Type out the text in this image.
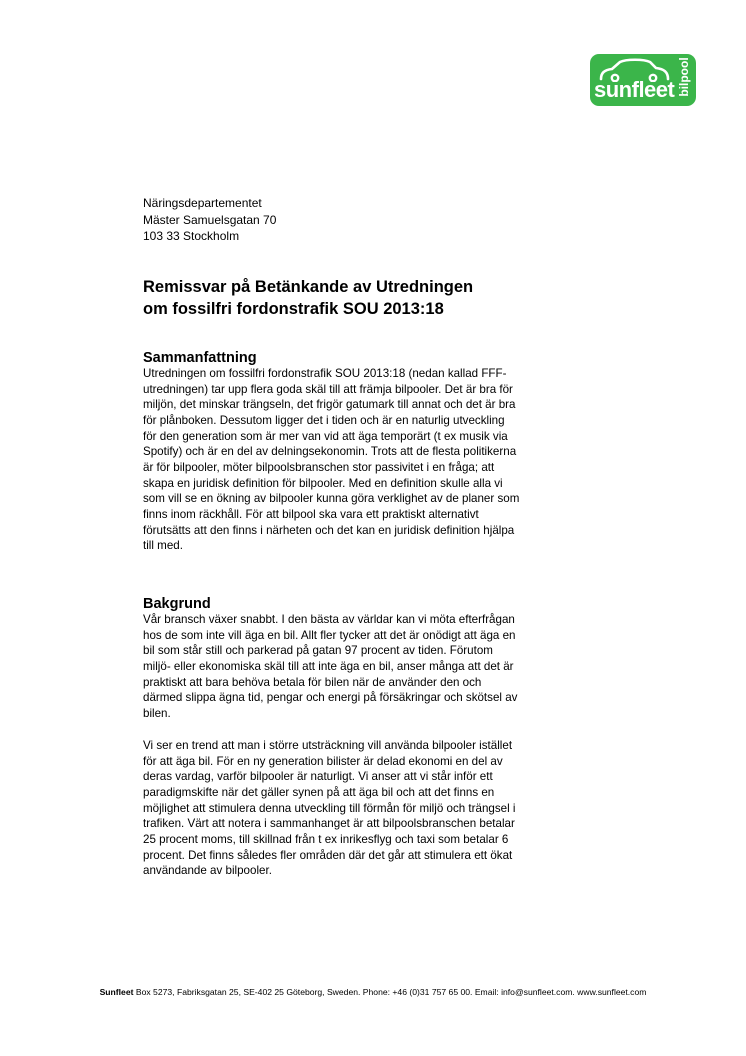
sunfleet bilpool
Näringsdepartementet
Mäster Samuelsgatan 70
103 33 Stockholm
Remissvar på Betänkande av Utredningen
om fossilfri fordonstrafik SOU 2013:18
Sammanfattning
Utredningen om fossilfri fordonstrafik SOU 2013:18 (nedan kallad FFF-
utredningen) tar upp flera goda skäl till att främja bilpooler. Det är bra för
miljön, det minskar trängseln, det frigör gatumark till annat och det är bra
för plånboken. Dessutom ligger det i tiden och är en naturlig utveckling
för den generation som är mer van vid att äga temporärt (t ex musik via
Spotify) och är en del av delningsekonomin. Trots att de flesta politikerna
är för bilpooler, möter bilpoolsbranschen stor passivitet i en fråga; att
skapa en juridisk definition för bilpooler. Med en definition skulle alla vi
som vill se en ökning av bilpooler kunna göra verklighet av de planer som
finns inom räckhåll. För att bilpool ska vara ett praktiskt alternativt
förutsätts att den finns i närheten och det kan en juridisk definition hjälpa
till med.
Bakgrund
Vår bransch växer snabbt. I den bästa av världar kan vi möta efterfrågan
hos de som inte vill äga en bil. Allt fler tycker att det är onödigt att äga en
bil som står still och parkerad på gatan 97 procent av tiden. Förutom
miljö- eller ekonomiska skäl till att inte äga en bil, anser många att det är
praktiskt att bara behöva betala för bilen när de använder den och
därmed slippa ägna tid, pengar och energi på försäkringar och skötsel av
bilen.
Vi ser en trend att man i större utsträckning vill använda bilpooler istället
för att äga bil. För en ny generation bilister är delad ekonomi en del av
deras vardag, varför bilpooler är naturligt. Vi anser att vi står inför ett
paradigmskifte när det gäller synen på att äga bil och att det finns en
möjlighet att stimulera denna utveckling till förmån för miljö och trängsel i
trafiken. Värt att notera i sammanhanget är att bilpoolsbranschen betalar
25 procent moms, till skillnad från t ex inrikesflyg och taxi som betalar 6
procent. Det finns således fler områden där det går att stimulera ett ökat
användande av bilpooler.
Sunfleet Box 5273, Fabriksgatan 25, SE-402 25 Göteborg, Sweden. Phone: +46 (0)31 757 65 00. Email: info@sunfleet.com. www.sunfleet.com
